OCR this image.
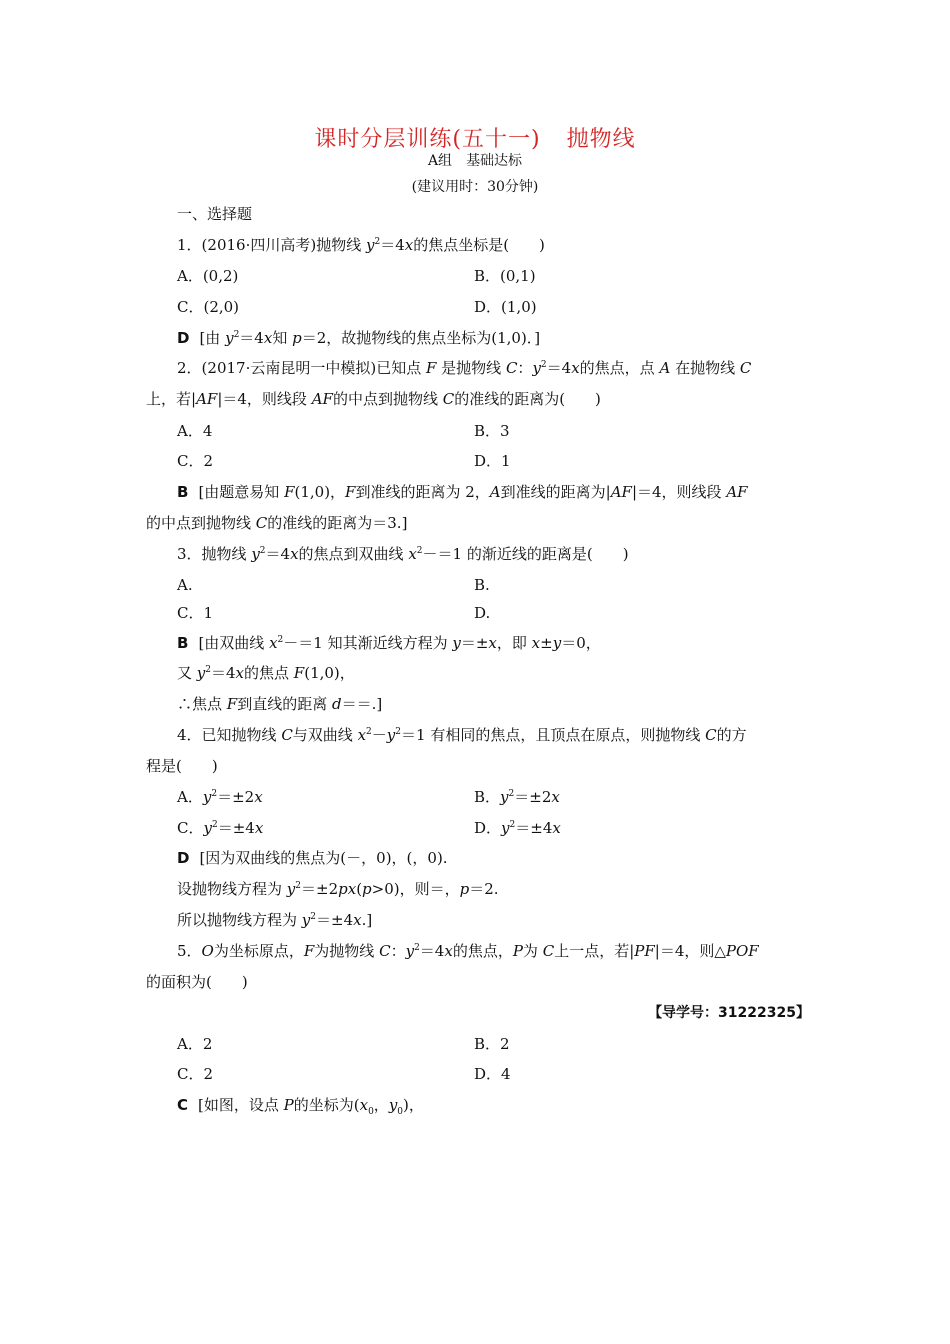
课时分层训练(五十一) 抛物线
A组 基础达标
(建议用时：30分钟)
一、选择题
1．(2016·四川高考)抛物线 $y^2=4x$的焦点坐标是(　　)
A．(0,2)	B．(0,1)
C．(2,0)	D．(1,0)
D [由 $y^2=4x$知 p＝2，故抛物线的焦点坐标为(1,0)．]
2．(2017·云南昆明一中模拟)已知点 F 是抛物线 C：$y^2=4x$的焦点，点 A 在抛物线 C
上，若|AF|＝4，则线段 AF的中点到抛物线 C的准线的距离为(　　)
A．4	B．3
C．2	D．1
B [由题意易知 F(1,0)，F到准线的距离为 2，A到准线的距离为|AF|＝4，则线段 AF
的中点到抛物线 C的准线的距离为＝3.]
3．抛物线 $y^2=4x$的焦点到双曲线 $x^2-=1$ 的渐近线的距离是(　　)
A.	B.
C．1	D.
B [由双曲线 $x^2-=1$ 知其渐近线方程为 y＝±x，即 x±y＝0，
又 $y^2=4x$的焦点 F(1,0)，
∴焦点 F到直线的距离 d＝＝.]
4．已知抛物线 C与双曲线 $x^2-y^2=1$ 有相同的焦点，且顶点在原点，则抛物线 C的方
程是(　　)
A．$y^2=\pm 2x$	B．$y^2=\pm 2x$
C．$y^2=\pm 4x$	D．$y^2=\pm 4x$
D [因为双曲线的焦点为(－，0)，(，0).
设抛物线方程为 $y^2=\pm 2px(p>0)$，则＝，p＝2.
所以抛物线方程为 $y^2=\pm 4x$.]
5．O为坐标原点，F为抛物线 C：$y^2=4x$的焦点，P为 C上一点，若|PF|＝4，则△POF
的面积为(　　)
【导学号：31222325】
A．2	B．2
C．2	D．4
C [如图，设点 P的坐标为($x_0$，$y_0$)，
